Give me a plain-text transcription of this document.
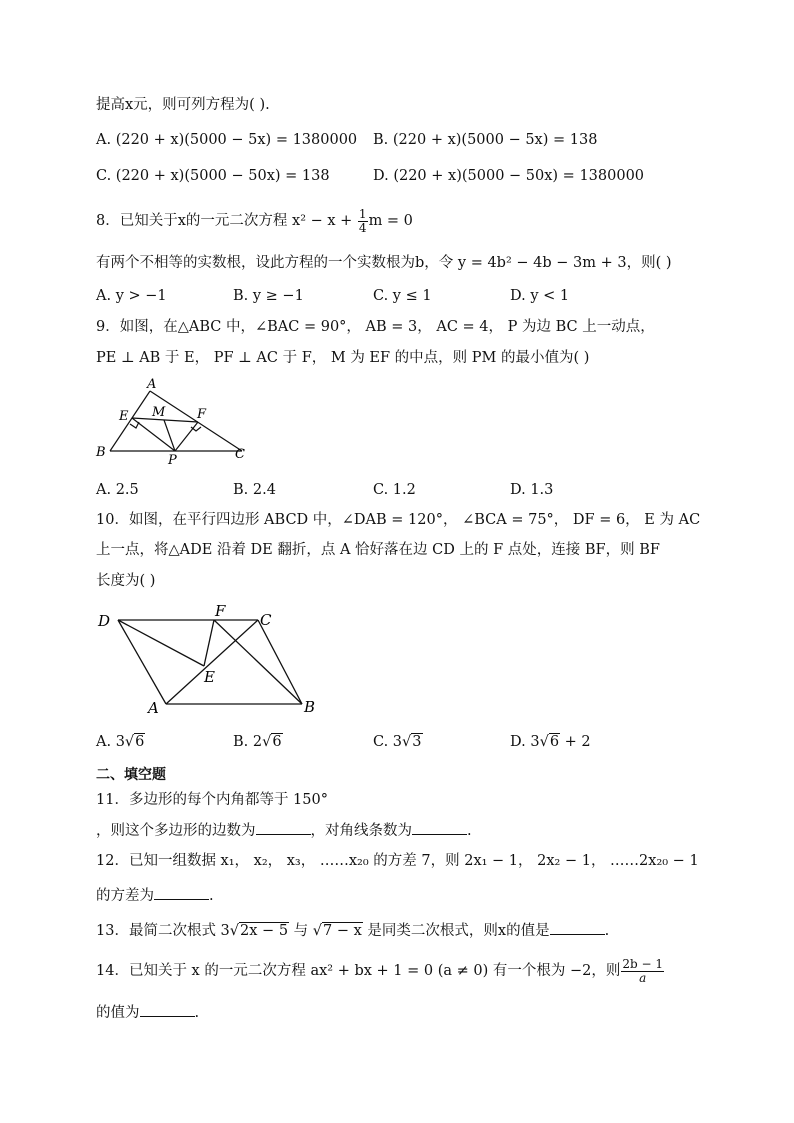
提高x元，则可列方程为( ).
A. (220 + x)(5000 − 5x) = 1380000 B. (220 + x)(5000 − 5x) = 138
C. (220 + x)(5000 − 50x) = 138	D. (220 + x)(5000 − 50x) = 1380000
8．已知关于x的一元二次方程 $x^2 - x + \frac{1}{4}$ m = 0
有两个不相等的实数根，设此方程的一个实数根为b，令 y = 4b² − 4b − 3m + 3，则( )
A. y > −1	B. y ≥ −1	C. y ≤ 1	D. y < 1
9．如图，在△ABC 中，∠BAC = 90°， AB = 3， AC = 4， P 为边 BC 上一动点，
PE ⊥ AB 于 E， PF ⊥ AC 于 F， M 为 EF 的中点，则 PM 的最小值为( )
A
E M F
B
P	C
A. 2.5	B. 2.4	C. 1.2	D. 1.3
10．如图，在平行四边形 ABCD 中，∠DAB = 120°， ∠BCA = 75°， DF = 6， E 为 AC
上一点，将△ADE 沿着 DE 翻折，点 A 恰好落在边 CD 上的 F 点处，连接 BF，则 BF
长度为( )
D
F C
E
A	B
A. 3√6	B. 2√6	C. 3√3	D. 3√6 + 2
二、填空题
11．多边形的每个内角都等于 150°
，则这个多边形的边数为	，对角线条数为	.
12．已知一组数据 x₁， x₂， x₃， ……x₂₀ 的方差 7，则 2x₁ − 1， 2x₂ − 1， ……2x₂₀ − 1
的方差为	.
13．最简二次根式 3√2x − 5 与 √7 − x 是同类二次根式，则x的值是	.
14．已知关于 x 的一元二次方程 ax² + bx + 1 = 0 (a ≠ 0) 有一个根为 −2，则 $\frac{2b - 1}{a}$
的值为	.
